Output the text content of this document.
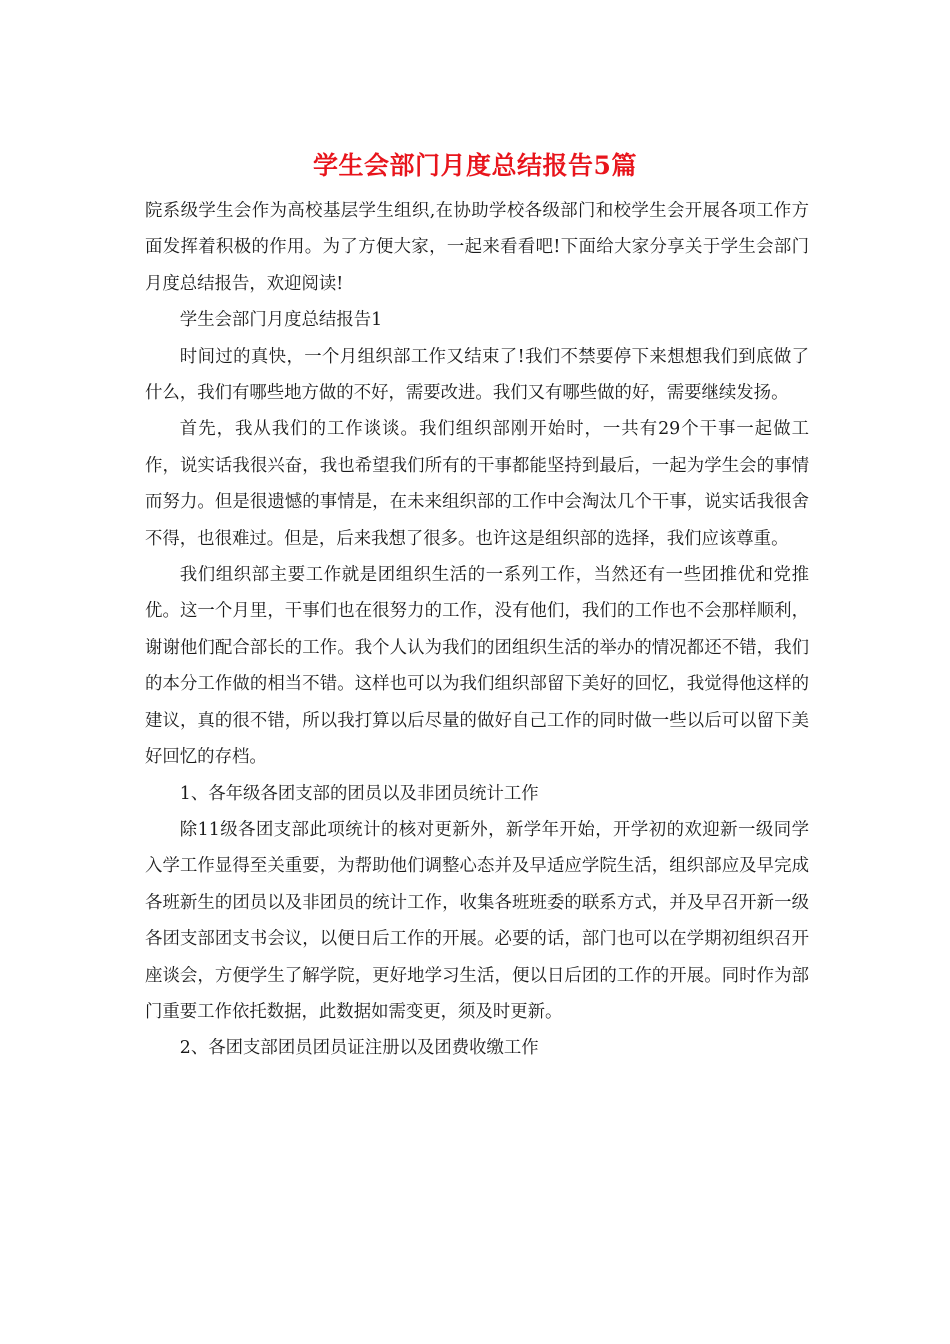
学生会部门月度总结报告5篇

院系级学生会作为高校基层学生组织,在协助学校各级部门和校学生会开展各项工作方面发挥着积极的作用。为了方便大家，一起来看看吧!下面给大家分享关于学生会部门月度总结报告，欢迎阅读!

学生会部门月度总结报告1

时间过的真快，一个月组织部工作又结束了!我们不禁要停下来想想我们到底做了什么，我们有哪些地方做的不好，需要改进。我们又有哪些做的好，需要继续发扬。

首先，我从我们的工作谈谈。我们组织部刚开始时，一共有29个干事一起做工作，说实话我很兴奋，我也希望我们所有的干事都能坚持到最后，一起为学生会的事情而努力。但是很遗憾的事情是，在未来组织部的工作中会淘汰几个干事，说实话我很舍不得，也很难过。但是，后来我想了很多。也许这是组织部的选择，我们应该尊重。

我们组织部主要工作就是团组织生活的一系列工作，当然还有一些团推优和党推优。这一个月里，干事们也在很努力的工作，没有他们，我们的工作也不会那样顺利，谢谢他们配合部长的工作。我个人认为我们的团组织生活的举办的情况都还不错，我们的本分工作做的相当不错。这样也可以为我们组织部留下美好的回忆，我觉得他这样的建议，真的很不错，所以我打算以后尽量的做好自己工作的同时做一些以后可以留下美好回忆的存档。

1、各年级各团支部的团员以及非团员统计工作

除11级各团支部此项统计的核对更新外，新学年开始，开学初的欢迎新一级同学入学工作显得至关重要，为帮助他们调整心态并及早适应学院生活，组织部应及早完成各班新生的团员以及非团员的统计工作，收集各班班委的联系方式，并及早召开新一级各团支部团支书会议，以便日后工作的开展。必要的话，部门也可以在学期初组织召开座谈会，方便学生了解学院，更好地学习生活，便以日后团的工作的开展。同时作为部门重要工作依托数据，此数据如需变更，须及时更新。

2、各团支部团员团员证注册以及团费收缴工作
